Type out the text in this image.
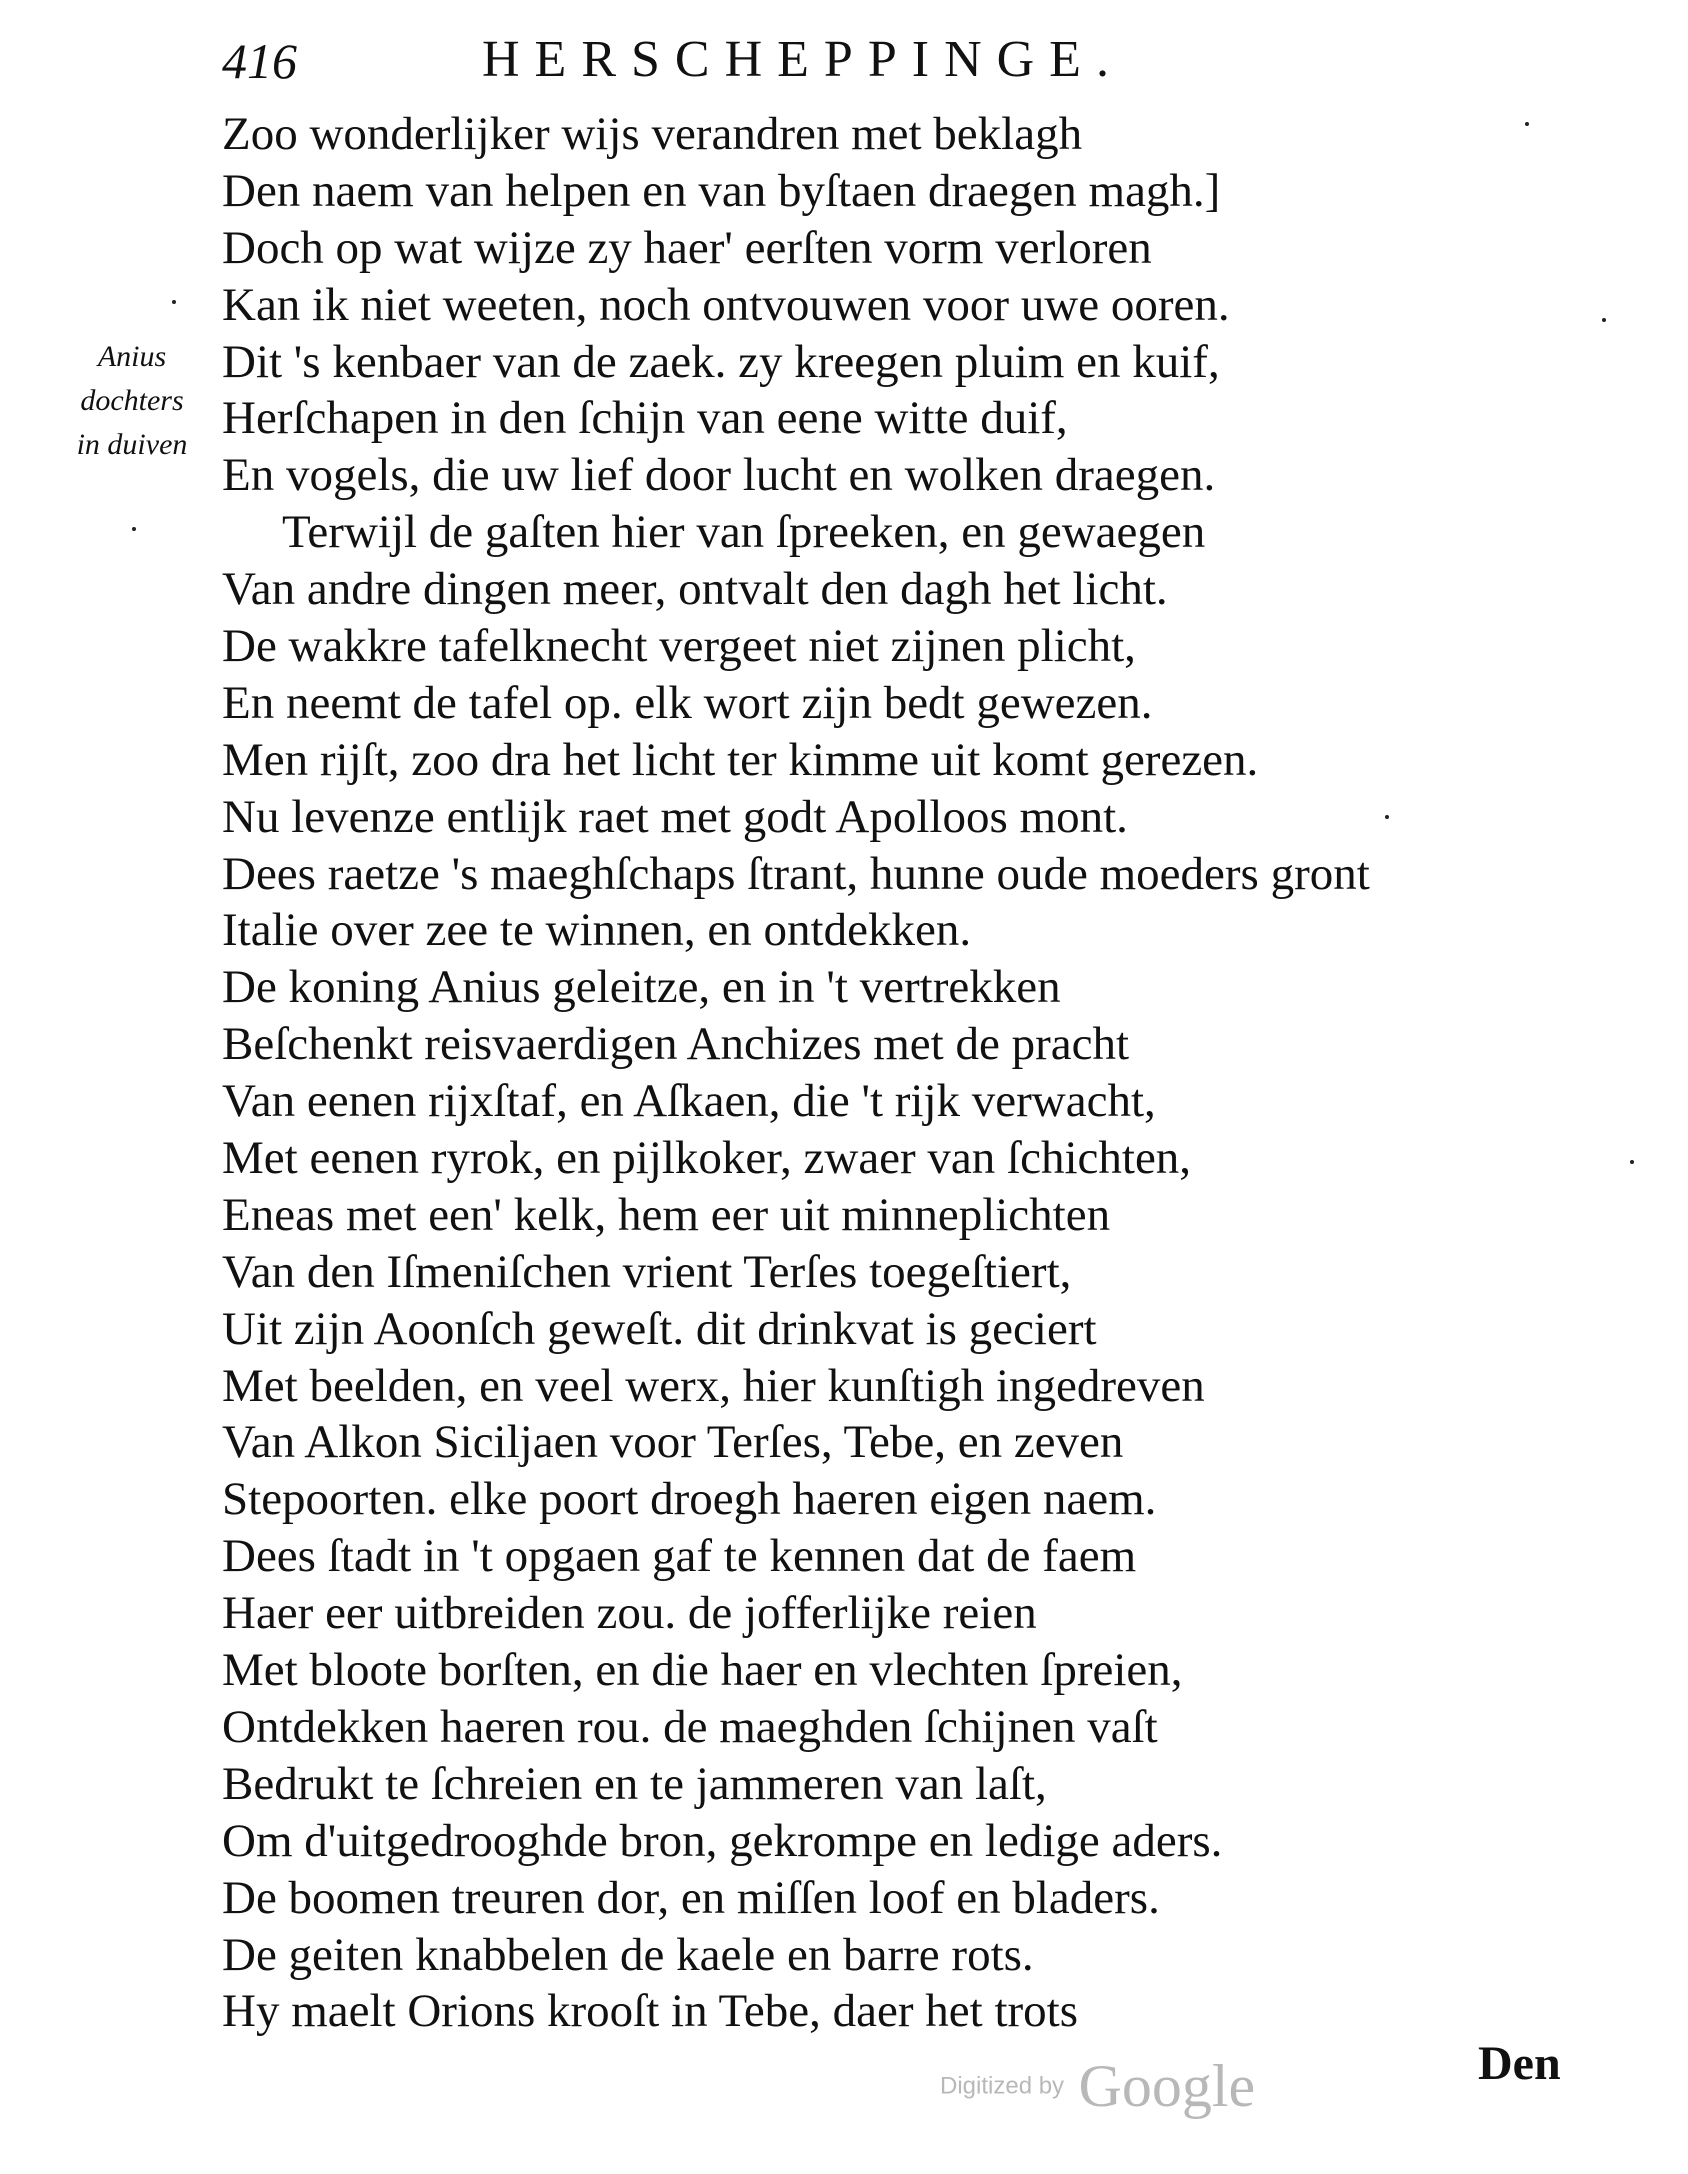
416	HERSCHEPPINGE.
Anius
dochters
in duiven
Zoo wonderlijker wijs verandren met beklagh
Den naem van helpen en van byſtaen draegen magh.]
Doch op wat wijze zy haer' eerſten vorm verloren
Kan ik niet weeten, noch ontvouwen voor uwe ooren.
Dit 's kenbaer van de zaek. zy kreegen pluim en kuif,
Herſchapen in den ſchijn van eene witte duif,
En vogels, die uw lief door lucht en wolken draegen.
Terwijl de gaſten hier van ſpreeken, en gewaegen
Van andre dingen meer, ontvalt den dagh het licht.
De wakkre tafelknecht vergeet niet zijnen plicht,
En neemt de tafel op. elk wort zijn bedt gewezen.
Men rijſt, zoo dra het licht ter kimme uit komt gerezen.
Nu levenze entlijk raet met godt Apolloos mont.
Dees raetze 's maeghſchaps ſtrant, hunne oude moeders gront
Italie over zee te winnen, en ontdekken.
De koning Anius geleitze, en in 't vertrekken
Beſchenkt reisvaerdigen Anchizes met de pracht
Van eenen rijxſtaf, en Aſkaen, die 't rijk verwacht,
Met eenen ryrok, en pijlkoker, zwaer van ſchichten,
Eneas met een' kelk, hem eer uit minneplichten
Van den Iſmeniſchen vrient Terſes toegeſtiert,
Uit zijn Aoonſch geweſt. dit drinkvat is geciert
Met beelden, en veel werx, hier kunſtigh ingedreven
Van Alkon Siciljaen voor Terſes, Tebe, en zeven
Stepoorten. elke poort droegh haeren eigen naem.
Dees ſtadt in 't opgaen gaf te kennen dat de faem
Haer eer uitbreiden zou. de jofferlijke reien
Met bloote borſten, en die haer en vlechten ſpreien,
Ontdekken haeren rou. de maeghden ſchijnen vaſt
Bedrukt te ſchreien en te jammeren van laſt,
Om d'uitgedrooghde bron, gekrompe en ledige aders.
De boomen treuren dor, en miſſen loof en bladers.
De geiten knabbelen de kaele en barre rots.
Hy maelt Orions krooſt in Tebe, daer het trots
Digitized by Google	Den
